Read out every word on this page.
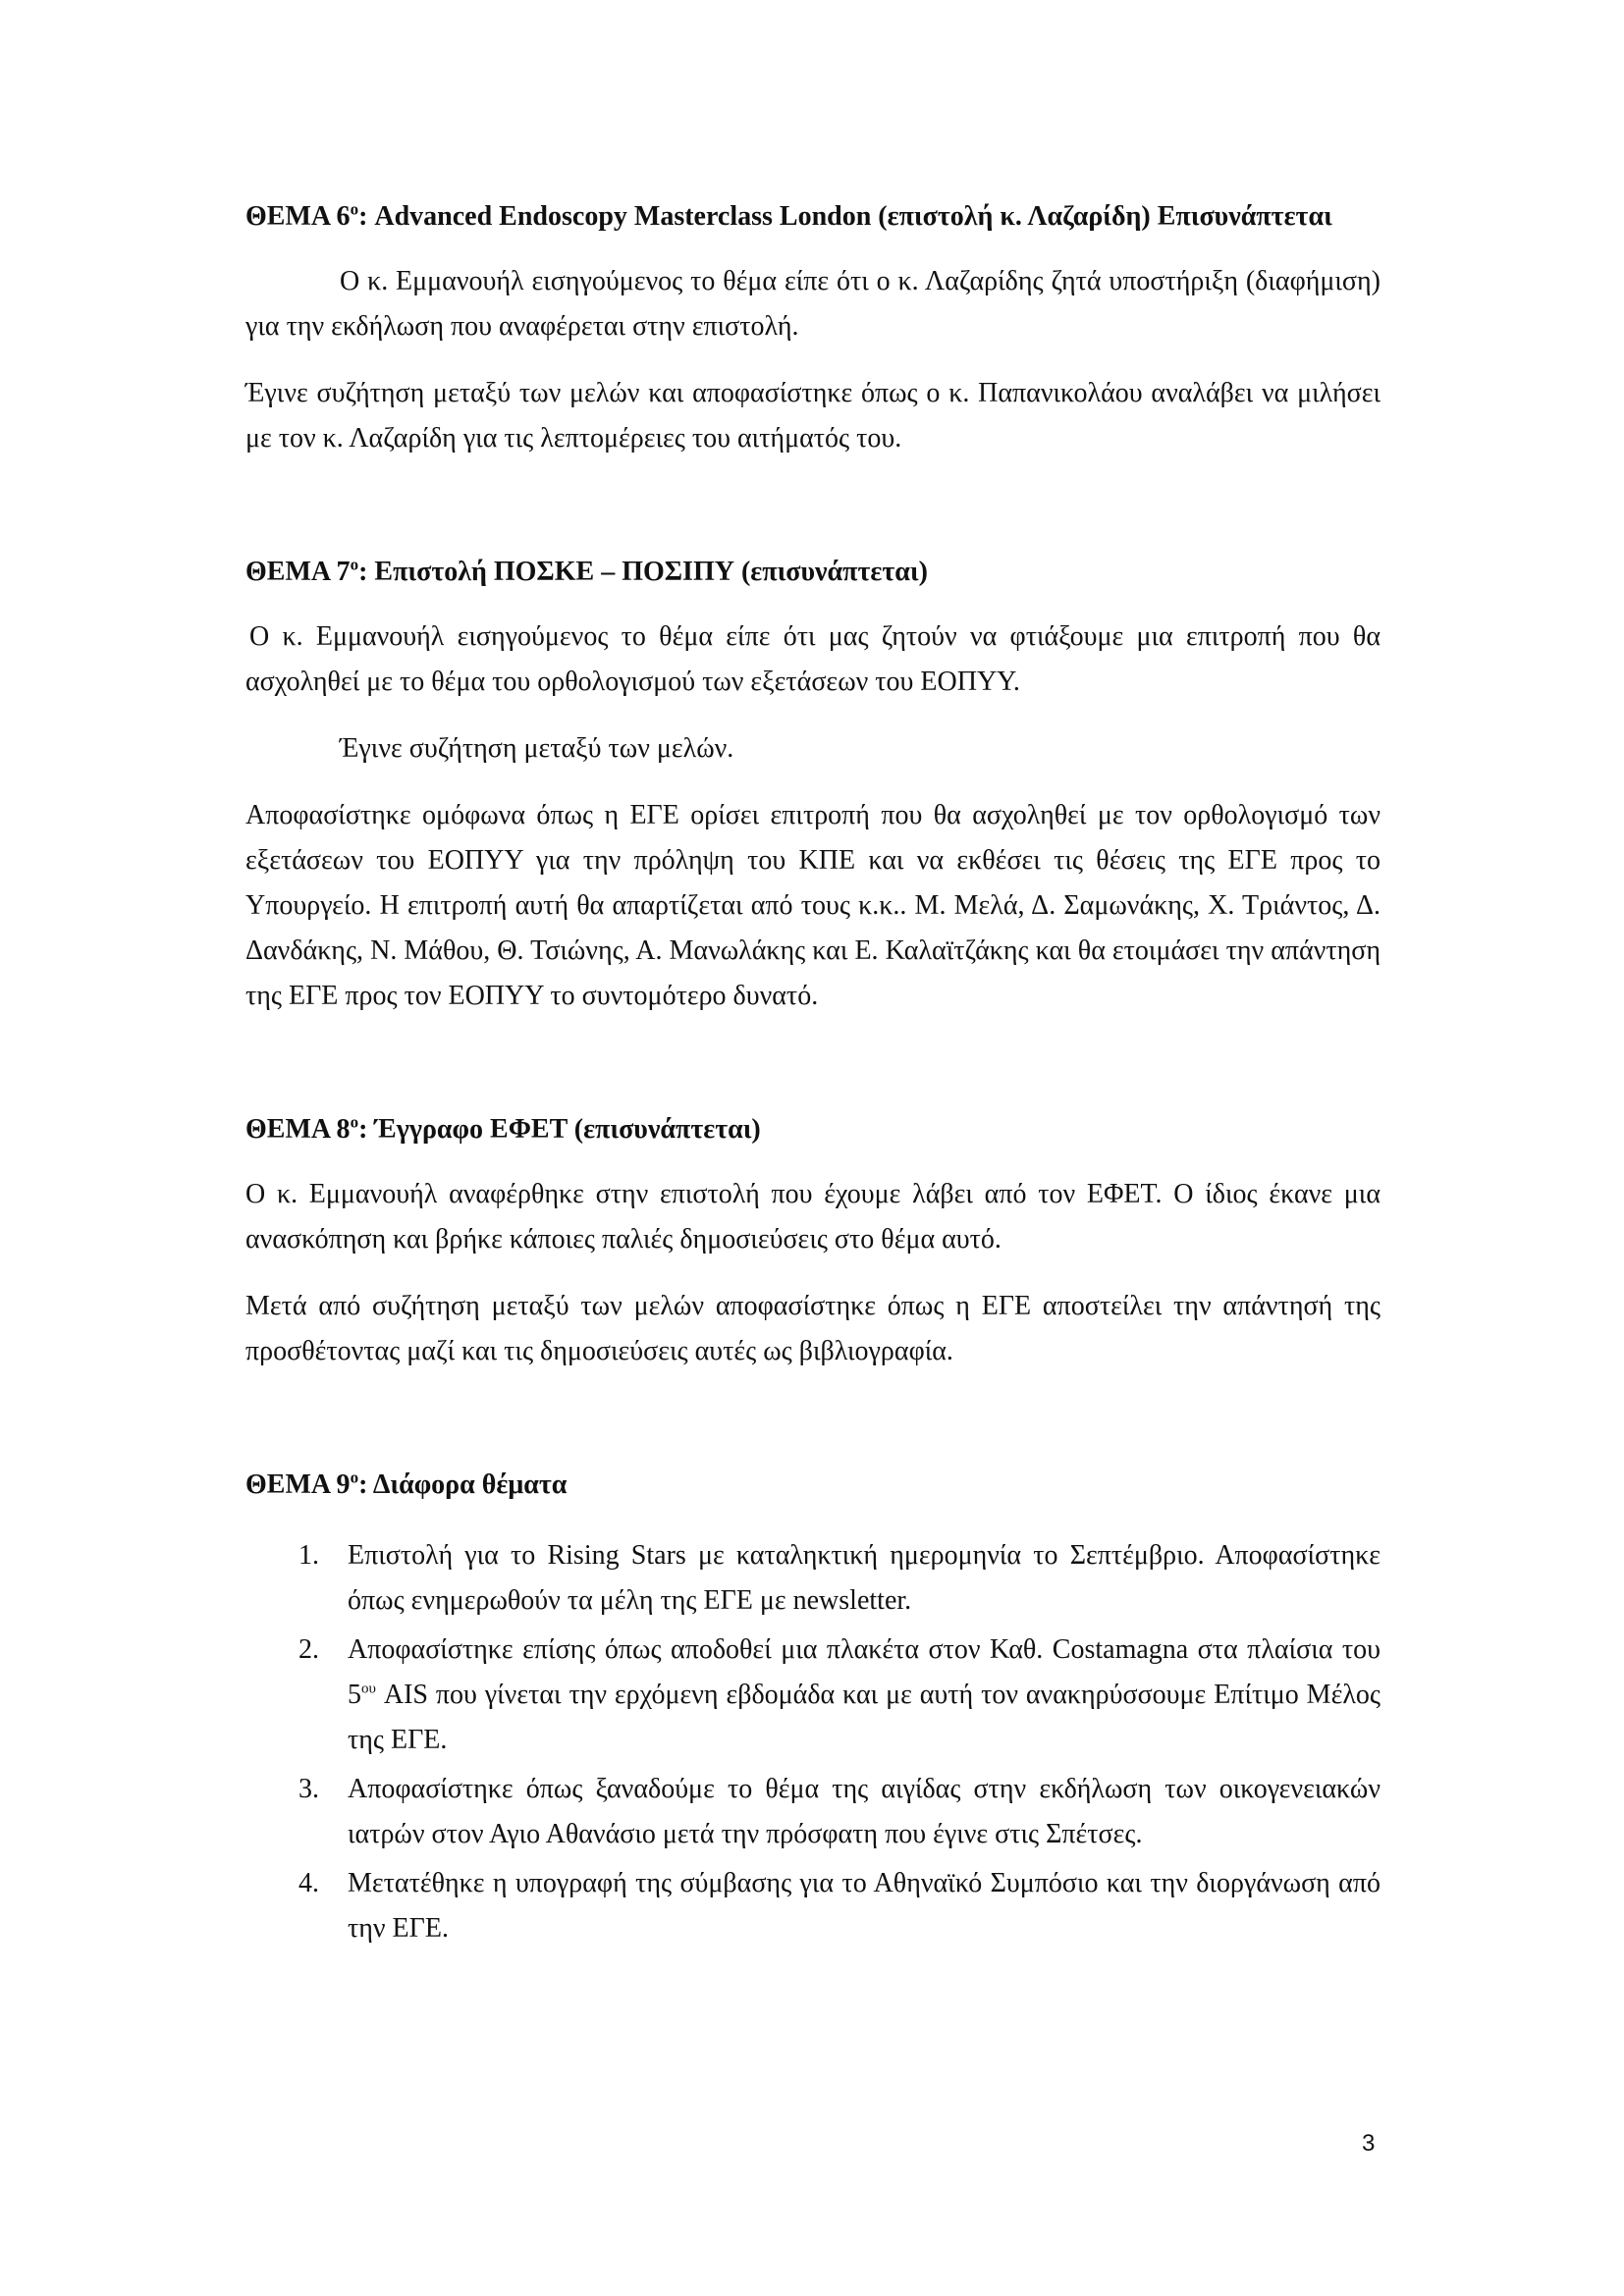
ΘΕΜΑ $6^o$: Advanced Endoscopy Masterclass London (επιστολή κ. Λαζαρίδη) Επισυνάπτεται

Ο κ. Εμμανουήλ εισηγούμενος το θέμα είπε ότι ο κ. Λαζαρίδης ζητά υποστήριξη (διαφήμιση) για την εκδήλωση που αναφέρεται στην επιστολή.

Έγινε συζήτηση μεταξύ των μελών και αποφασίστηκε όπως ο κ. Παπανικολάου αναλάβει να μιλήσει με τον κ. Λαζαρίδη για τις λεπτομέρειες του αιτήματός του.

ΘΕΜΑ $7^o$: Επιστολή ΠΟΣΚΕ – ΠΟΣΙΠΥ (επισυνάπτεται)

Ο κ. Εμμανουήλ εισηγούμενος το θέμα είπε ότι μας ζητούν να φτιάξουμε μια επιτροπή που θα ασχοληθεί με το θέμα του ορθολογισμού των εξετάσεων του ΕΟΠΥΥ.

Έγινε συζήτηση μεταξύ των μελών.

Αποφασίστηκε ομόφωνα όπως η ΕΓΕ ορίσει επιτροπή που θα ασχοληθεί με τον ορθολογισμό των εξετάσεων του ΕΟΠΥΥ για την πρόληψη του ΚΠΕ και να εκθέσει τις θέσεις της ΕΓΕ προς το Υπουργείο. Η επιτροπή αυτή θα απαρτίζεται από τους κ.κ.. Μ. Μελά, Δ. Σαμωνάκης, Χ. Τριάντος, Δ. Δανδάκης, Ν. Μάθου, Θ. Τσιώνης, Α. Μανωλάκης και Ε. Καλαϊτζάκης και θα ετοιμάσει την απάντηση της ΕΓΕ προς τον ΕΟΠΥΥ το συντομότερο δυνατό.

ΘΕΜΑ $8^o$: Έγγραφο ΕΦΕΤ (επισυνάπτεται)

Ο κ. Εμμανουήλ αναφέρθηκε στην επιστολή που έχουμε λάβει από τον ΕΦΕΤ. Ο ίδιος έκανε μια ανασκόπηση και βρήκε κάποιες παλιές δημοσιεύσεις στο θέμα αυτό.

Μετά από συζήτηση μεταξύ των μελών αποφασίστηκε όπως η ΕΓΕ αποστείλει την απάντησή της προσθέτοντας μαζί και τις δημοσιεύσεις αυτές ως βιβλιογραφία.

ΘΕΜΑ $9^o$: Διάφορα θέματα
1. Επιστολή για το Rising Stars με καταληκτική ημερομηνία το Σεπτέμβριο. Αποφασίστηκε όπως ενημερωθούν τα μέλη της ΕΓΕ με newsletter.
2. Αποφασίστηκε επίσης όπως αποδοθεί μια πλακέτα στον Καθ. Costamagna στα πλαίσια του $5^{o\upsilon}$ AIS που γίνεται την ερχόμενη εβδομάδα και με αυτή τον ανακηρύσσουμε Επίτιμο Μέλος της ΕΓΕ.
3. Αποφασίστηκε όπως ξαναδούμε το θέμα της αιγίδας στην εκδήλωση των οικογενειακών ιατρών στον Αγιο Αθανάσιο μετά την πρόσφατη που έγινε στις Σπέτσες.
4. Μετατέθηκε η υπογραφή της σύμβασης για το Αθηναϊκό Συμπόσιο και την διοργάνωση από την ΕΓΕ.
3
